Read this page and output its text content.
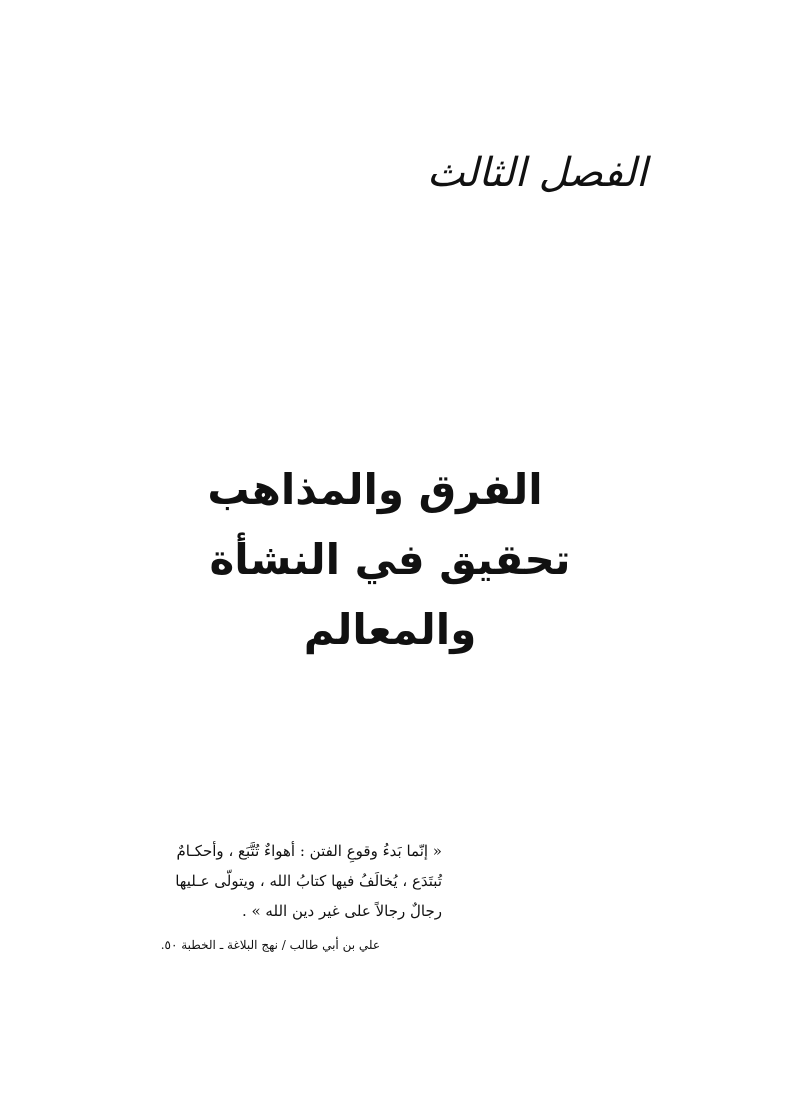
الفصل الثالث
الفرق والمذاهب
تحقيق في النشأة والمعالم
« إنّما بَدءُ وقوعِ الفتن : أهواءٌ تُتَّبَع ، وأحكـامٌ
تُبتَدَع ، يُخالَفُ فيها كتابُ الله ، ويتولّى عـليها
رجالٌ رجالاً على غير دين الله » .
علي بن أبي طالب / نهج البلاغة ـ الخطبة ٥٠.
